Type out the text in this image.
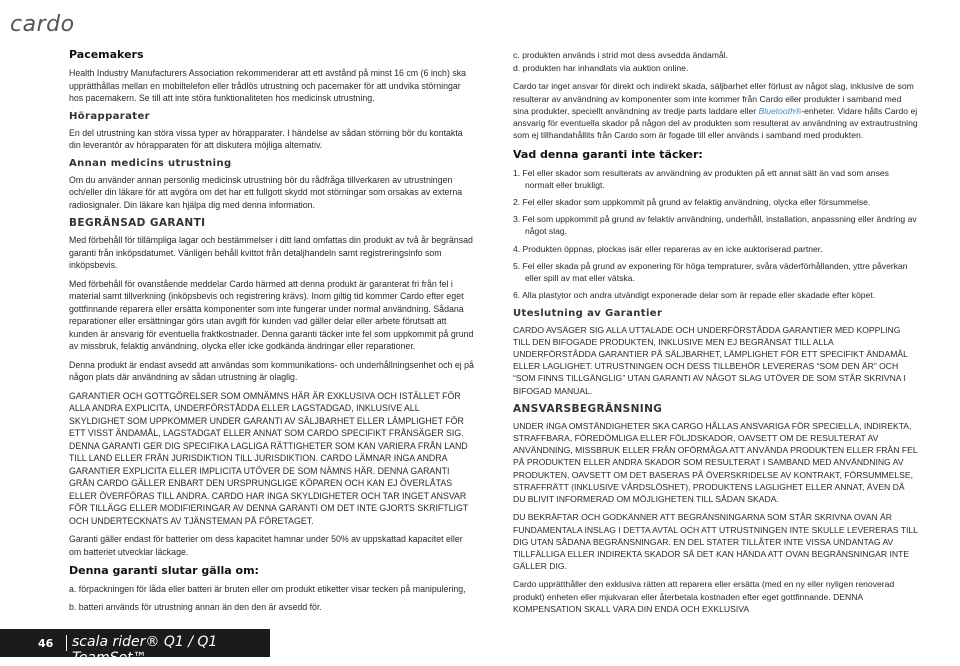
cardo
Pacemakers

Health Industry Manufacturers Association rekommenderar att ett avstånd på minst 16 cm (6 inch) ska upprätthållas mellan en mobiltelefon eller trådlös utrustning och pacemaker för att undvika störningar hos pacemakern. Se till att inte störa funktionaliteten hos medicinsk utrustning.

Hörapparater

En del utrustning kan störa vissa typer av hörapparater. I händelse av sådan störning bör du kontakta din leverantör av hörapparaten för att diskutera möjliga alternativ.

Annan medicins utrustning

Om du använder annan personlig medicinsk utrustning bör du rådfråga tillverkaren av utrustningen och/eller din läkare för att avgöra om det har ett fullgott skydd mot störningar som orsakas av externa radiosignaler. Din läkare kan hjälpa dig med denna information.

BEGRÄNSAD GARANTI

Med förbehåll för tillämpliga lagar och bestämmelser i ditt land omfattas din produkt av två år begränsad garanti från inköpsdatumet. Vänligen behåll kvittot från detaljhandeln samt registreringsinfo som inköpsbevis.

Med förbehåll för ovanstående meddelar Cardo härmed att denna produkt är garanterat fri från fel i material samt tillverkning (inköpsbevis och registrering krävs). Inom giltig tid kommer Cardo efter eget gottfinnande reparera eller ersätta komponenter som inte fungerar under normal användning. Sådana reparationer eller ersättningar görs utan avgift för kunden vad gäller delar eller arbete förutsatt att kunden är ansvarig för eventuella fraktkostnader. Denna garanti täcker inte fel som uppkommit på grund av missbruk, felaktig användning, olycka eller icke godkända ändringar eller reparationer.

Denna produkt är endast avsedd att användas som kommunikations- och underhållningsenhet och ej på någon plats där användning av sådan utrustning är olaglig.

GARANTIER OCH GOTTGÖRELSER SOM OMNÄMNS HÄR ÄR EXKLUSIVA OCH ISTÄLLET FÖR ALLA ANDRA EXPLICITA, UNDERFÖRSTÅDDA ELLER LAGSTADGAD, INKLUSIVE ALL SKYLDIGHET SOM UPPKOMMER UNDER GARANTI AV SÄLJBARHET ELLER LÄMPLIGHET FÖR ETT VISST ÄNDAMÅL, LAGSTADGAT ELLER ANNAT SOM CARDO SPECIFIKT FRÅNSÄGER SIG. DENNA GARANTI GER DIG SPECIFIKA LAGLIGA RÄTTIGHETER SOM KAN VARIERA FRÅN LAND TILL LAND ELLER FRÅN JURISDIKTION TILL JURISDIKTION. CARDO LÄMNAR INGA ANDRA GARANTIER EXPLICITA ELLER IMPLICITA UTÖVER DE SOM NÄMNS HÄR. DENNA GARANTI GRÅN CARDO GÄLLER ENBART DEN URSPRUNGLIGE KÖPAREN OCH KAN EJ ÖVERLÅTAS ELLER ÖVERFÖRAS TILL ANDRA. CARDO HAR INGA SKYLDIGHETER OCH TAR INGET ANSVAR FÖR TILLÄGG ELLER MODIFIERINGAR AV DENNA GARANTI OM DET INTE GJORTS SKRIFTLIGT OCH UNDERTECKNATS AV TJÄNSTEMAN PÅ FÖRETAGET.

Garanti gäller endast för batterier om dess kapacitet hamnar under 50% av uppskattad kapacitet eller om batteriet utvecklar läckage.

Denna garanti slutar gälla om:
a. förpackningen för låda eller batteri är bruten eller om produkt etiketter visar tecken på manipulering,
b. batteri används för utrustning annan än den den är avsedd för.

c. produkten används i strid mot dess avsedda ändamål.

d. produkten har inhandlats via auktion online.

Cardo tar inget ansvar för direkt och indirekt skada, säljbarhet eller förlust av något slag, inklusive de som resulterar av användning av komponenter som inte kommer från Cardo eller produkter i samband med sina produkter, speciellt användning av tredje parts laddare eller Bluetooth®-enheter. Vidare hålls Cardo ej ansvarig för eventuella skador på någon del av produkten som resulterat av användning av extrautrustning som ej tillhandahållits från Cardo som är fogade till eller används i samband med produkten.

Vad denna garanti inte täcker:
1. Fel eller skador som resulterats av användning av produkten på ett annat sätt än vad som anses normalt eller brukligt.
2. Fel eller skador som uppkommit på grund av felaktig användning, olycka eller försummelse.
3. Fel som uppkommit på grund av felaktiv användning, underhåll, installation, anpassning eller ändring av något slag.
4. Produkten öppnas, plockas isär eller repareras av en icke auktoriserad partner.
5. Fel eller skada på grund av exponering för höga tempraturer, svåra väderförhållanden, yttre påverkan eller spill av mat eller vätska.
6. Alla plastytor och andra utvändigt exponerade delar som är repade eller skadade efter köpet.
Uteslutning av Garantier

CARDO AVSÄGER SIG ALLA UTTALADE OCH UNDERFÖRSTÅDDA GARANTIER MED KOPPLING TILL DEN BIFOGADE PRODUKTEN, INKLUSIVE MEN EJ BEGRÄNSAT TILL ALLA UNDERFÖRSTÅDDA GARANTIER PÅ SÄLJBARHET, LÄMPLIGHET FÖR ETT SPECIFIKT ÄNDAMÅL ELLER LAGLIGHET. UTRUSTNINGEN OCH DESS TILLBEHÖR LEVERERAS “SOM DEN ÄR” OCH “SOM FINNS TILLGÄNGLIG” UTAN GARANTI AV NÅGOT SLAG UTÖVER DE SOM STÅR SKRIVNA I BIFOGAD MANUAL.

ANSVARSBEGRÄNSNING

UNDER INGA OMSTÄNDIGHETER SKA CARGO HÅLLAS ANSVARIGA FÖR SPECIELLA, INDIREKTA, STRAFFBARA, FÖREDÖMLIGA ELLER FÖLJDSKADOR, OAVSETT OM DE RESULTERAT AV ANVÄNDNING, MISSBRUK ELLER FRÅN OFÖRMÅGA ATT ANVÄNDA PRODUKTEN ELLER FRÅN FEL PÅ PRODUKTEN ELLER ANDRA SKADOR SOM RESULTERAT I SAMBAND MED ANVÄNDNING AV PRODUKTEN, OAVSETT OM DET BASERAS PÅ ÖVERSKRIDELSE AV KONTRAKT, FÖRSUMMELSE, STRAFFRÄTT (INKLUSIVE VÅRDSLÖSHET), PRODUKTENS LAGLIGHET ELLER ANNAT, ÄVEN DÅ DU BLIVIT INFORMERAD OM MÖJLIGHETEN TILL SÅDAN SKADA.

DU BEKRÄFTAR OCH GODKÄNNER ATT BEGRÄNSNINGARNA SOM STÅR SKRIVNA OVAN ÄR FUNDAMENTALA INSLAG I DETTA AVTAL OCH ATT UTRUSTNINGEN INTE SKULLE LEVERERAS TILL DIG UTAN SÅDANA BEGRÄNSNINGAR. EN DEL STATER TILLÅTER INTE VISSA UNDANTAG AV TILLFÄLLIGA ELLER INDIREKTA SKADOR SÅ DET KAN HÄNDA ATT OVAN BEGRÄNSNINGAR INTE GÄLLER DIG.

Cardo upprätthåller den exklusiva rätten att reparera eller ersätta (med en ny eller nyligen renoverad produkt) enheten eller mjukvaran eller återbetala kostnaden efter eget gottfinnande. DENNA KOMPENSATION SKALL VARA DIN ENDA OCH EXKLUSIVA

46 scala rider® Q1 / Q1 TeamSet™
